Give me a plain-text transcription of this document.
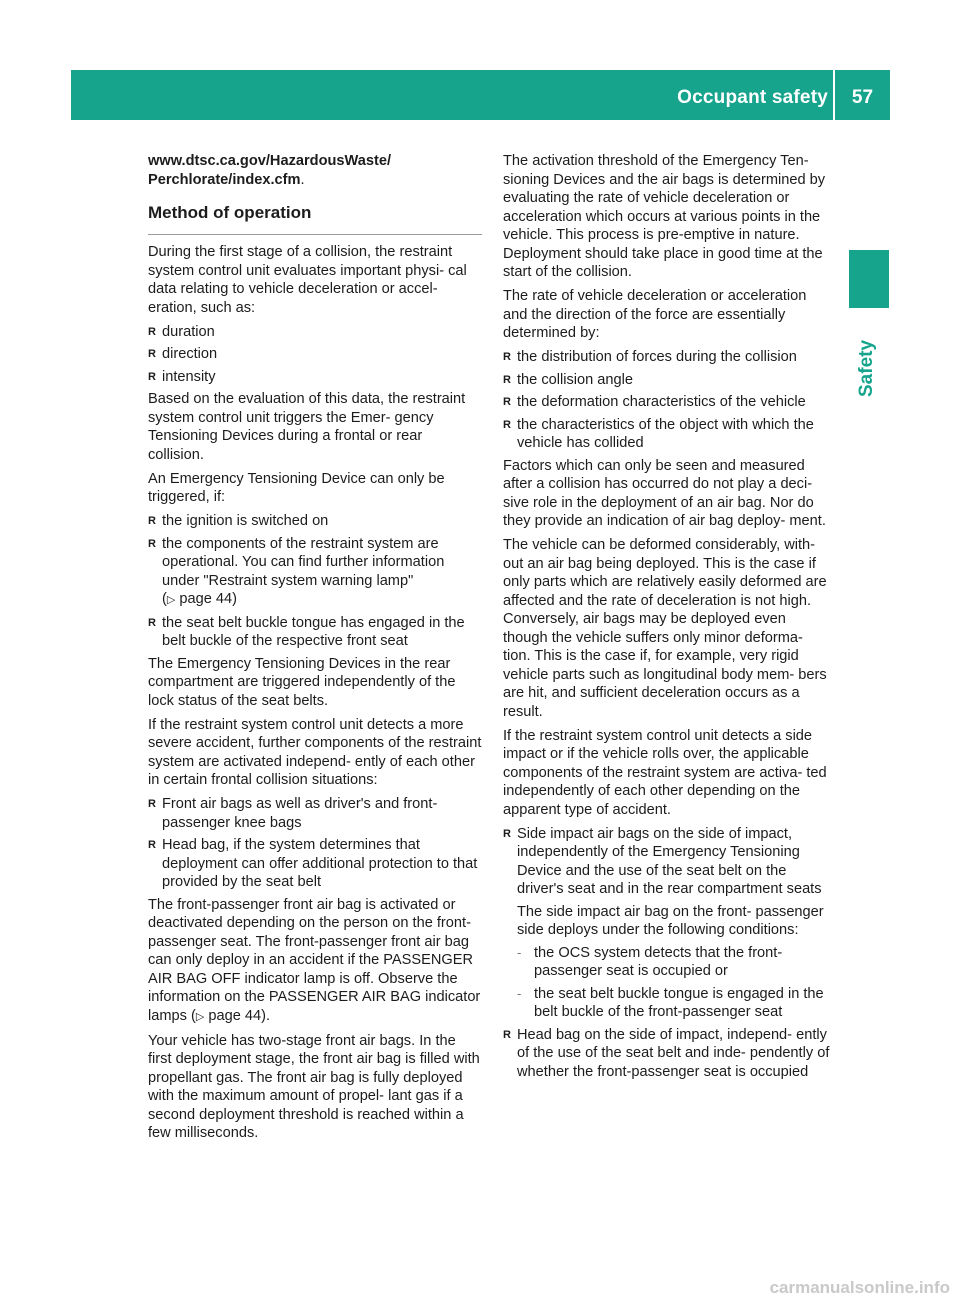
Occupant safety	57
Safety

www.dtsc.ca.gov/HazardousWaste/ Perchlorate/index.cfm.

Method of operation

During the first stage of a collision, the restraint system control unit evaluates important physi- cal data relating to vehicle deceleration or accel- eration, such as:

R duration
R direction
R intensity

Based on the evaluation of this data, the restraint system control unit triggers the Emer- gency Tensioning Devices during a frontal or rear collision.

An Emergency Tensioning Device can only be triggered, if:

R the ignition is switched on
R the components of the restraint system are operational. You can find further information under "Restraint system warning lamp"
(▷ page 44)
R the seat belt buckle tongue has engaged in the belt buckle of the respective front seat

The Emergency Tensioning Devices in the rear compartment are triggered independently of the lock status of the seat belts.

If the restraint system control unit detects a more severe accident, further components of the restraint system are activated independ- ently of each other in certain frontal collision situations:

R Front air bags as well as driver's and front- passenger knee bags
R Head bag, if the system determines that deployment can offer additional protection to that provided by the seat belt

The front-passenger front air bag is activated or deactivated depending on the person on the front-passenger seat. The front-passenger front air bag can only deploy in an accident if the PASSENGER AIR BAG OFF indicator lamp is off. Observe the information on the PASSENGER AIR BAG indicator lamps (▷ page 44).

Your vehicle has two-stage front air bags. In the first deployment stage, the front air bag is filled with propellant gas. The front air bag is fully deployed with the maximum amount of propel- lant gas if a second deployment threshold is reached within a few milliseconds.

The activation threshold of the Emergency Ten- sioning Devices and the air bags is determined by evaluating the rate of vehicle deceleration or acceleration which occurs at various points in the vehicle. This process is pre-emptive in nature. Deployment should take place in good time at the start of the collision.

The rate of vehicle deceleration or acceleration and the direction of the force are essentially determined by:

R the distribution of forces during the collision
R the collision angle
R the deformation characteristics of the vehicle
R the characteristics of the object with which the vehicle has collided

Factors which can only be seen and measured after a collision has occurred do not play a deci- sive role in the deployment of an air bag. Nor do they provide an indication of air bag deploy- ment.

The vehicle can be deformed considerably, with- out an air bag being deployed. This is the case if only parts which are relatively easily deformed are affected and the rate of deceleration is not high. Conversely, air bags may be deployed even though the vehicle suffers only minor deforma- tion. This is the case if, for example, very rigid vehicle parts such as longitudinal body mem- bers are hit, and sufficient deceleration occurs as a result.

If the restraint system control unit detects a side impact or if the vehicle rolls over, the applicable components of the restraint system are activa- ted independently of each other depending on the apparent type of accident.

R Side impact air bags on the side of impact, independently of the Emergency Tensioning Device and the use of the seat belt on the driver's seat and in the rear compartment seats
The side impact air bag on the front- passenger side deploys under the following conditions:
- the OCS system detects that the front- passenger seat is occupied or
- the seat belt buckle tongue is engaged in the belt buckle of the front-passenger seat
R Head bag on the side of impact, independ- ently of the use of the seat belt and inde- pendently of whether the front-passenger seat is occupied
carmanualsonline.info
